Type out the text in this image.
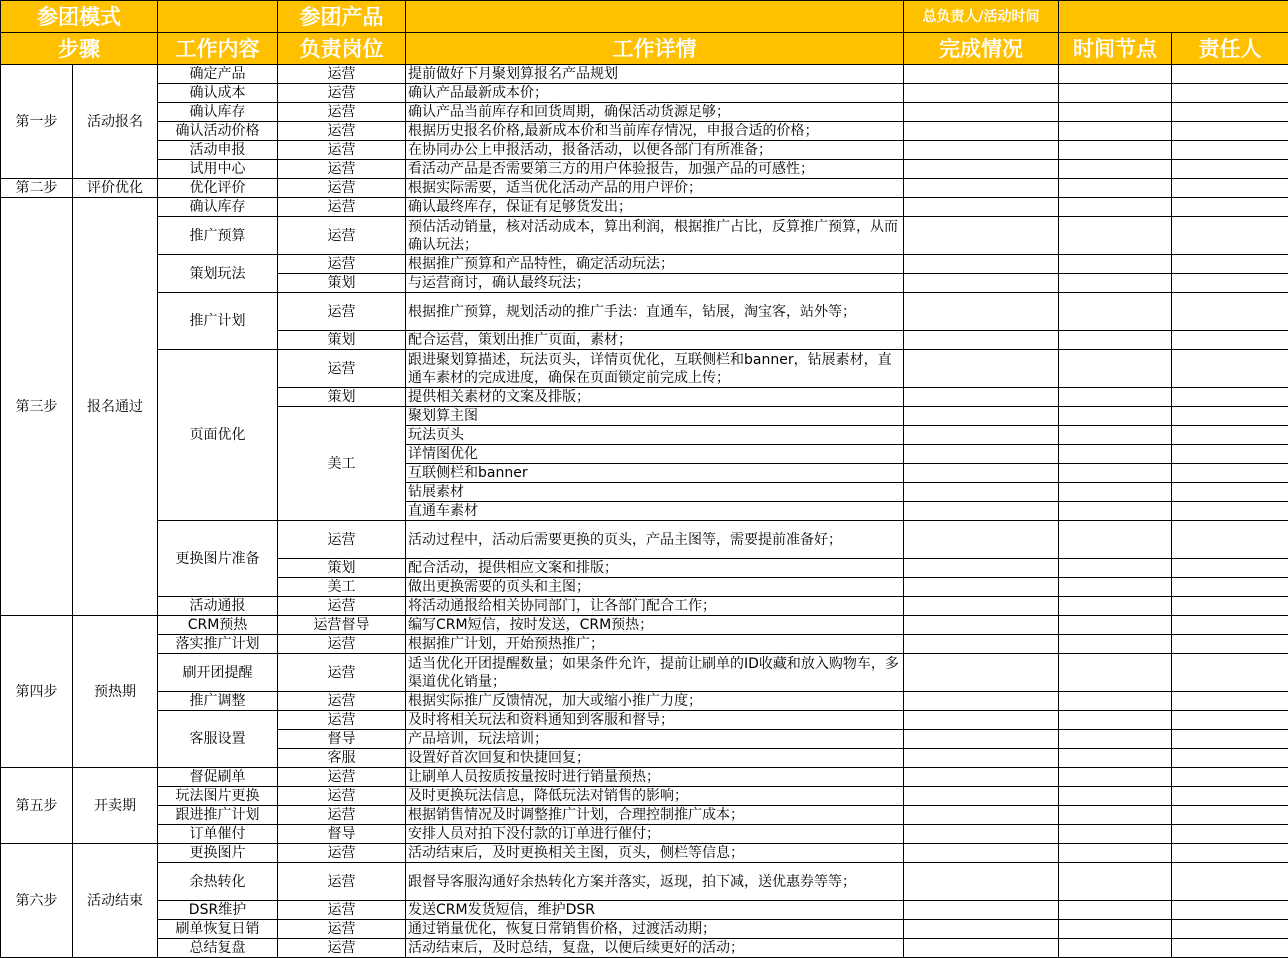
参团模式			参团产品		总负责人/活动时间		
步骤		工作内容	负责岗位	工作详情	完成情况	时间节点	责任人
第一步	活动报名	确定产品	运营	提前做好下月聚划算报名产品规划			
		确认成本	运营	确认产品最新成本价；			
		确认库存	运营	确认产品当前库存和回货周期，确保活动货源足够；			
		确认活动价格	运营	根据历史报名价格,最新成本价和当前库存情况，申报合适的价格；			
		活动申报	运营	在协同办公上申报活动，报备活动，以便各部门有所准备；			
		试用中心	运营	看活动产品是否需要第三方的用户体验报告，加强产品的可感性；			
第二步	评价优化	优化评价	运营	根据实际需要，适当优化活动产品的用户评价；			
第三步	报名通过	确认库存	运营	确认最终库存，保证有足够货发出；			
		推广预算	运营	预估活动销量，核对活动成本，算出利润，根据推广占比，反算推广预算，从而确认玩法；			
		策划玩法	运营	根据推广预算和产品特性，确定活动玩法；			
			策划	与运营商讨，确认最终玩法；			
		推广计划	运营	根据推广预算，规划活动的推广手法：直通车，钻展，淘宝客，站外等；			
			策划	配合运营，策划出推广页面，素材；			
		页面优化	运营	跟进聚划算描述，玩法页头，详情页优化，互联侧栏和banner，钻展素材，直通车素材的完成进度，确保在页面锁定前完成上传；			
			策划	提供相关素材的文案及排版；			
			美工	聚划算主图			
				玩法页头			
				详情图优化			
				互联侧栏和banner			
				钻展素材			
				直通车素材			
		更换图片准备	运营	活动过程中，活动后需要更换的页头，产品主图等，需要提前准备好；			
			策划	配合活动，提供相应文案和排版；			
			美工	做出更换需要的页头和主图；			
		活动通报	运营	将活动通报给相关协同部门，让各部门配合工作；			
第四步	预热期	CRM预热	运营督导	编写CRM短信，按时发送，CRM预热；			
		落实推广计划	运营	根据推广计划，开始预热推广；			
		刷开团提醒	运营	适当优化开团提醒数量；如果条件允许，提前让刷单的ID收藏和放入购物车，多渠道优化销量；			
		推广调整	运营	根据实际推广反馈情况，加大或缩小推广力度；			
		客服设置	运营	及时将相关玩法和资料通知到客服和督导；			
			督导	产品培训，玩法培训；			
			客服	设置好首次回复和快捷回复；			
第五步	开卖期	督促刷单	运营	让刷单人员按质按量按时进行销量预热；			
		玩法图片更换	运营	及时更换玩法信息，降低玩法对销售的影响；			
		跟进推广计划	运营	根据销售情况及时调整推广计划，合理控制推广成本；			
		订单催付	督导	安排人员对拍下没付款的订单进行催付；			
第六步	活动结束	更换图片	运营	活动结束后，及时更换相关主图，页头，侧栏等信息；			
		余热转化	运营	跟督导客服沟通好余热转化方案并落实，返现，拍下减，送优惠券等等；			
		DSR维护	运营	发送CRM发货短信，维护DSR			
		刷单恢复日销	运营	通过销量优化，恢复日常销售价格，过渡活动期；			
		总结复盘	运营	活动结束后，及时总结，复盘，以便后续更好的活动；			
